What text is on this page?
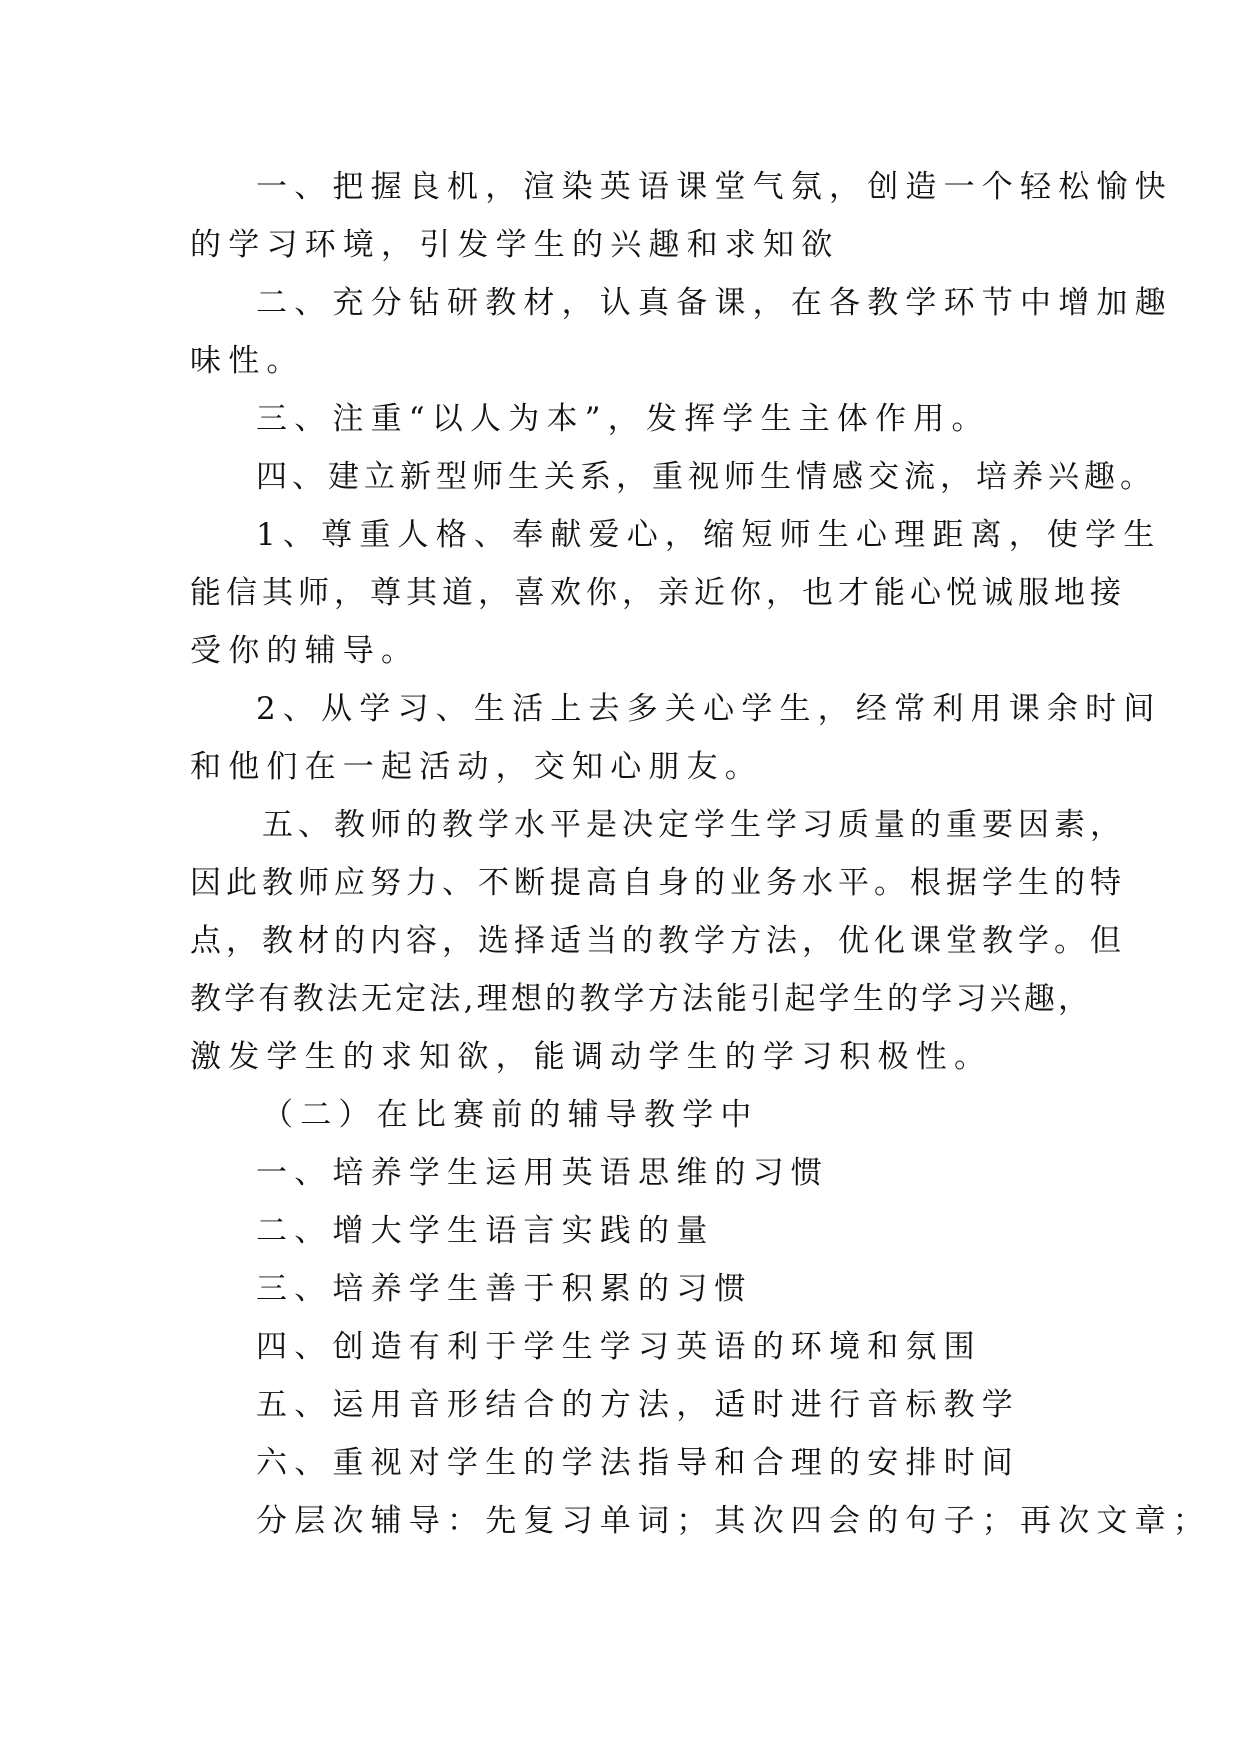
一、把握良机，渲染英语课堂气氛，创造一个轻松愉快
的学习环境，引发学生的兴趣和求知欲
二、充分钻研教材，认真备课，在各教学环节中增加趣
味性。
三、注重“以人为本”，发挥学生主体作用。
四、建立新型师生关系，重视师生情感交流，培养兴趣。
1、尊重人格、奉献爱心，缩短师生心理距离，使学生
能信其师，尊其道，喜欢你，亲近你，也才能心悦诚服地接
受你的辅导。
2、从学习、生活上去多关心学生，经常利用课余时间
和他们在一起活动，交知心朋友。
五、教师的教学水平是决定学生学习质量的重要因素，
因此教师应努力、不断提高自身的业务水平。根据学生的特
点，教材的内容，选择适当的教学方法，优化课堂教学。但
教学有教法无定法,理想的教学方法能引起学生的学习兴趣，
激发学生的求知欲，能调动学生的学习积极性。
（二）在比赛前的辅导教学中
一、培养学生运用英语思维的习惯
二、增大学生语言实践的量
三、培养学生善于积累的习惯
四、创造有利于学生学习英语的环境和氛围
五、运用音形结合的方法，适时进行音标教学
六、重视对学生的学法指导和合理的安排时间
分层次辅导：先复习单词；其次四会的句子；再次文章；
